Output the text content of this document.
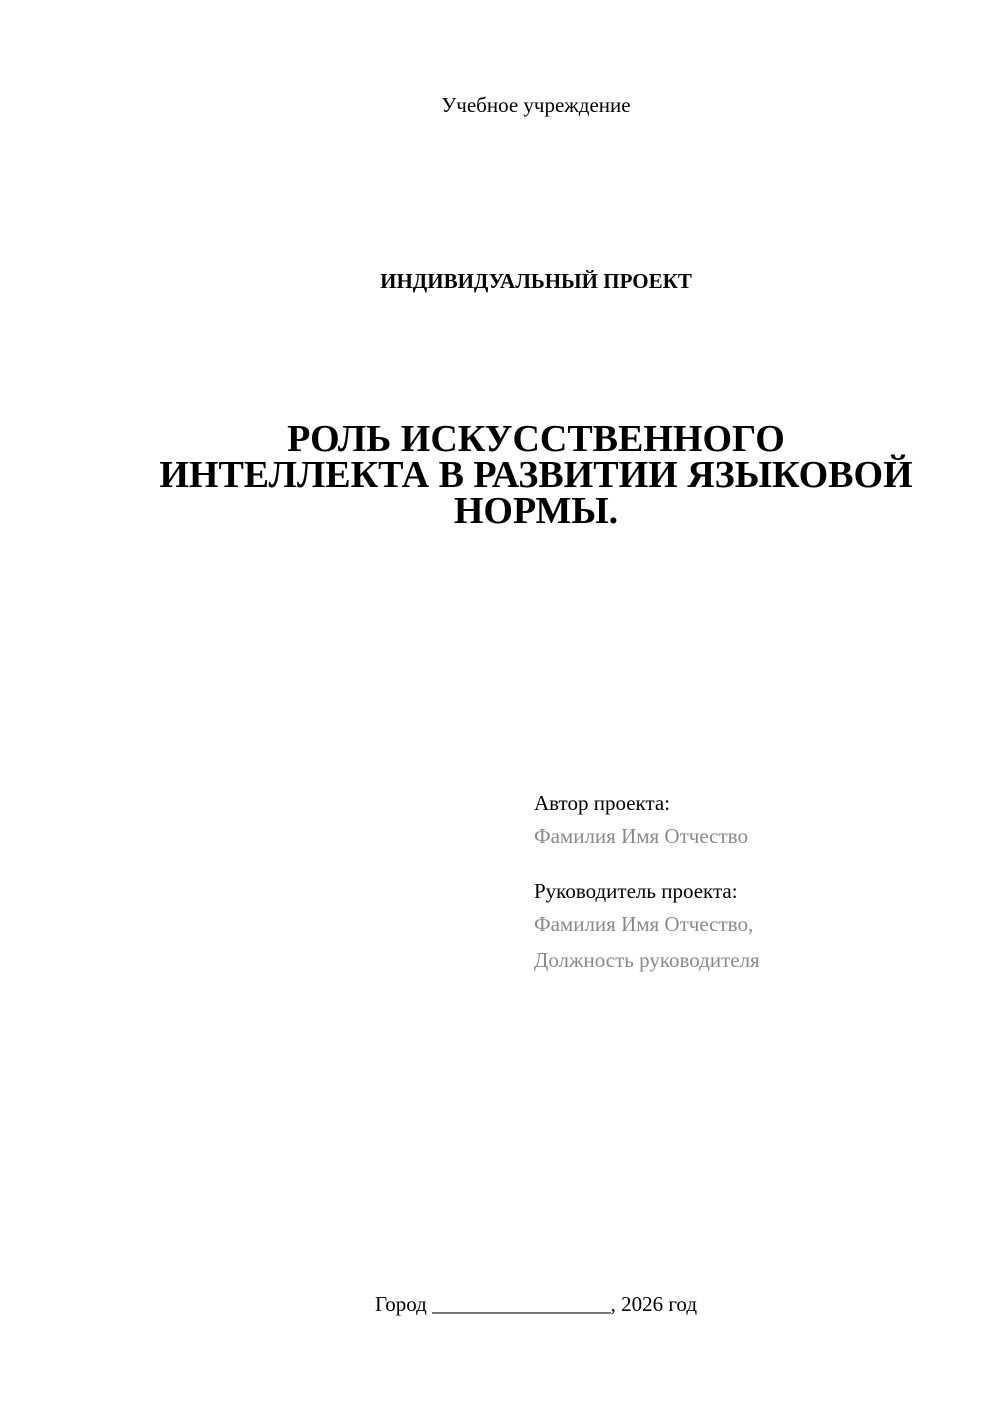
Учебное учреждение
ИНДИВИДУАЛЬНЫЙ ПРОЕКТ
РОЛЬ ИСКУССТВЕННОГО
ИНТЕЛЛЕКТА В РАЗВИТИИ ЯЗЫКОВОЙ
НОРМЫ.
Автор проекта:
Фамилия Имя Отчество
Руководитель проекта:
Фамилия Имя Отчество,
Должность руководителя
Город _________________, 2026 год
